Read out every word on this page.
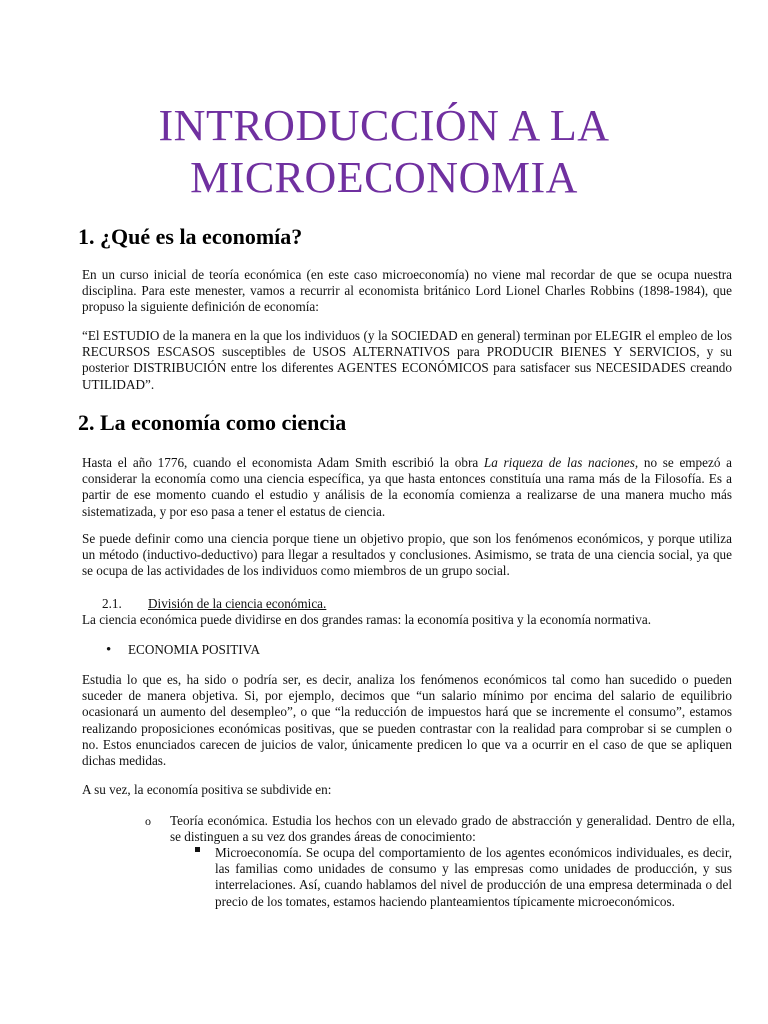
INTRODUCCIÓN A LA
MICROECONOMIA
1. ¿Qué es la economía?
En un curso inicial de teoría económica (en este caso microeconomía) no viene mal recordar de que se ocupa nuestra disciplina. Para este menester, vamos a recurrir al economista británico Lord Lionel Charles Robbins (1898-1984), que propuso la siguiente definición de economía:
“El ESTUDIO de la manera en la que los individuos (y la SOCIEDAD en general) terminan por ELEGIR el empleo de los RECURSOS ESCASOS susceptibles de USOS ALTERNATIVOS para PRODUCIR BIENES Y SERVICIOS, y su posterior DISTRIBUCIÓN entre los diferentes AGENTES ECONÓMICOS para satisfacer sus NECESIDADES creando UTILIDAD”.
2. La economía como ciencia
Hasta el año 1776, cuando el economista Adam Smith escribió la obra La riqueza de las naciones, no se empezó a considerar la economía como una ciencia específica, ya que hasta entonces constituía una rama más de la Filosofía. Es a partir de ese momento cuando el estudio y análisis de la economía comienza a realizarse de una manera mucho más sistematizada, y por eso pasa a tener el estatus de ciencia.
Se puede definir como una ciencia porque tiene un objetivo propio, que son los fenómenos económicos, y porque utiliza un método (inductivo-deductivo) para llegar a resultados y conclusiones. Asimismo, se trata de una ciencia social, ya que se ocupa de las actividades de los individuos como miembros de un grupo social.
2.1. División de la ciencia económica.
La ciencia económica puede dividirse en dos grandes ramas: la economía positiva y la economía normativa.
• ECONOMIA POSITIVA
Estudia lo que es, ha sido o podría ser, es decir, analiza los fenómenos económicos tal como han sucedido o pueden suceder de manera objetiva. Si, por ejemplo, decimos que “un salario mínimo por encima del salario de equilibrio ocasionará un aumento del desempleo”, o que “la reducción de impuestos hará que se incremente el consumo”, estamos realizando proposiciones económicas positivas, que se pueden contrastar con la realidad para comprobar si se cumplen o no. Estos enunciados carecen de juicios de valor, únicamente predicen lo que va a ocurrir en el caso de que se apliquen dichas medidas.
A su vez, la economía positiva se subdivide en:
o Teoría económica. Estudia los hechos con un elevado grado de abstracción y generalidad. Dentro de ella, se distinguen a su vez dos grandes áreas de conocimiento:
Microeconomía. Se ocupa del comportamiento de los agentes económicos individuales, es decir, las familias como unidades de consumo y las empresas como unidades de producción, y sus interrelaciones. Así, cuando hablamos del nivel de producción de una empresa determinada o del precio de los tomates, estamos haciendo planteamientos típicamente microeconómicos.
